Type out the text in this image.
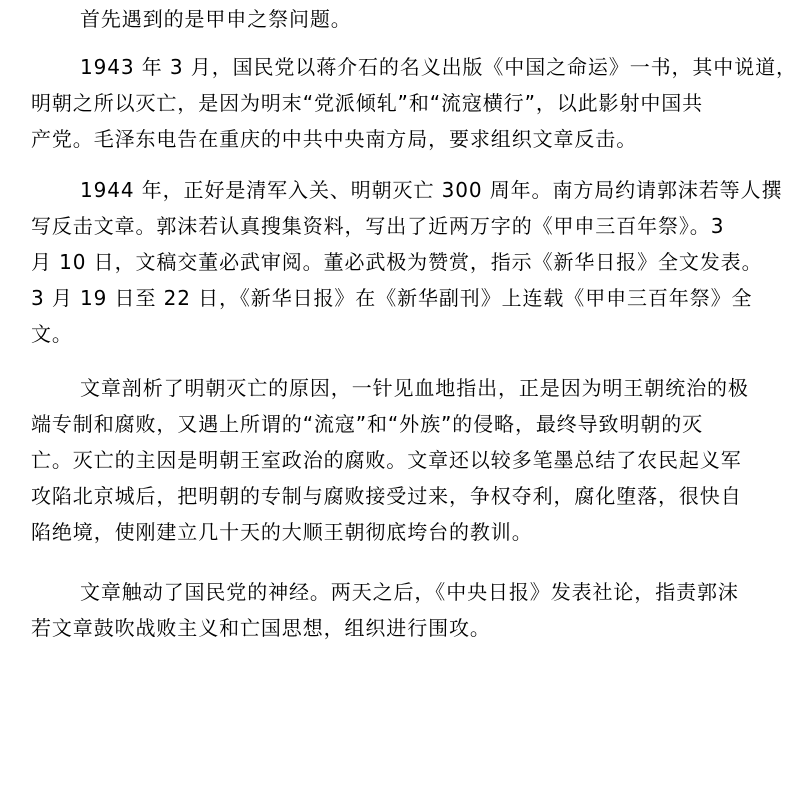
首先遇到的是甲申之祭问题。

1943 年 3 月，国民党以蒋介石的名义出版《中国之命运》一书，其中说道，
明朝之所以灭亡，是因为明末“党派倾轧”和“流寇横行”，以此影射中国共
产党。毛泽东电告在重庆的中共中央南方局，要求组织文章反击。

1944 年，正好是清军入关、明朝灭亡 300 周年。南方局约请郭沫若等人撰
写反击文章。郭沫若认真搜集资料，写出了近两万字的《甲申三百年祭》。3
月 10 日，文稿交董必武审阅。董必武极为赞赏，指示《新华日报》全文发表。
3 月 19 日至 22 日，《新华日报》在《新华副刊》上连载《甲申三百年祭》全
文。

文章剖析了明朝灭亡的原因，一针见血地指出，正是因为明王朝统治的极
端专制和腐败，又遇上所谓的“流寇”和“外族”的侵略，最终导致明朝的灭
亡。灭亡的主因是明朝王室政治的腐败。文章还以较多笔墨总结了农民起义军
攻陷北京城后，把明朝的专制与腐败接受过来，争权夺利，腐化堕落，很快自
陷绝境，使刚建立几十天的大顺王朝彻底垮台的教训。

文章触动了国民党的神经。两天之后，《中央日报》发表社论，指责郭沫
若文章鼓吹战败主义和亡国思想，组织进行围攻。
